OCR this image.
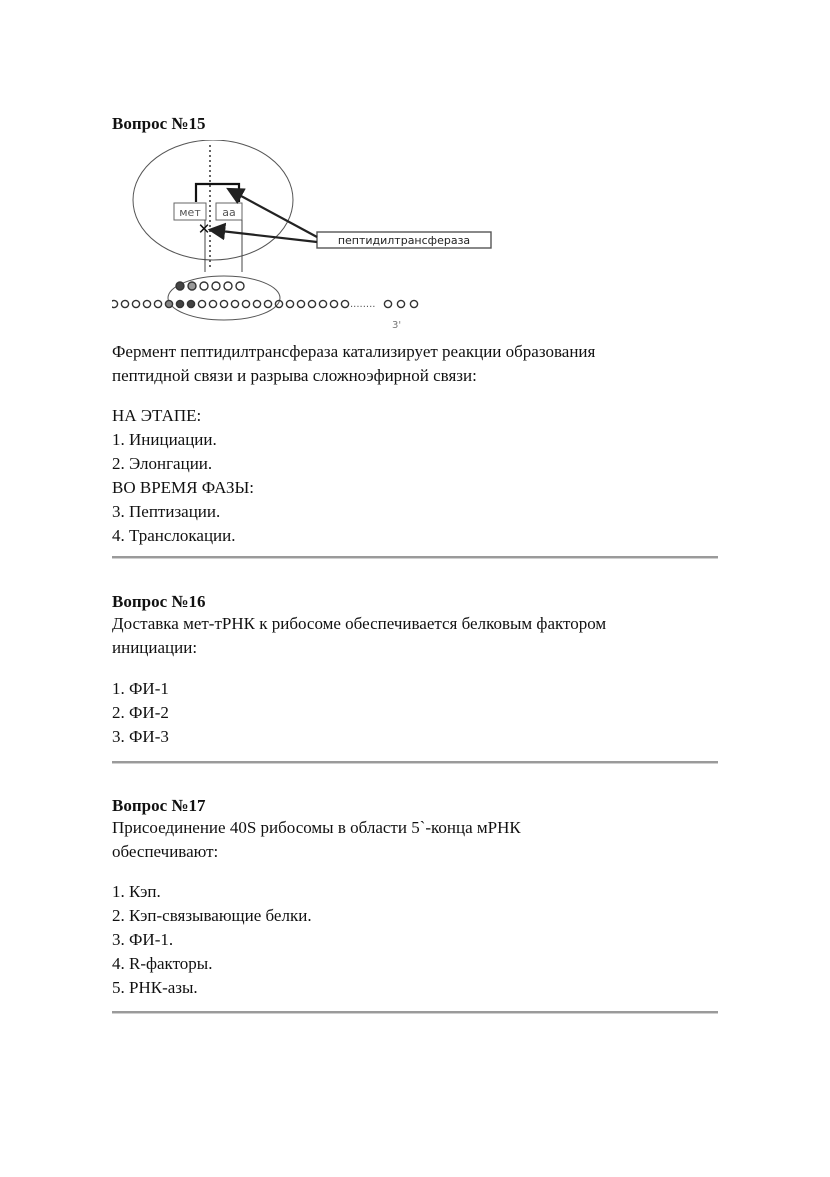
Вопрос №15
мет аа
✕
пептидилтрансфераза
........
3'
Фермент пептидилтрансфераза катализирует реакции образования
пептидной связи и разрыва сложноэфирной связи:
НА ЭТАПЕ:
1. Инициации.
2. Элонгации.
ВО ВРЕМЯ ФАЗЫ:
3. Пептизации.
4. Транслокации.
Вопрос №16
Доставка мет-тРНК к рибосоме обеспечивается белковым фактором
инициации:
1. ФИ-1
2. ФИ-2
3. ФИ-3
Вопрос №17
Присоединение 40S рибосомы в области 5`-конца мРНК
обеспечивают:
1. Кэп.
2. Кэп-связывающие белки.
3. ФИ-1.
4. R-факторы.
5. РНК-азы.
